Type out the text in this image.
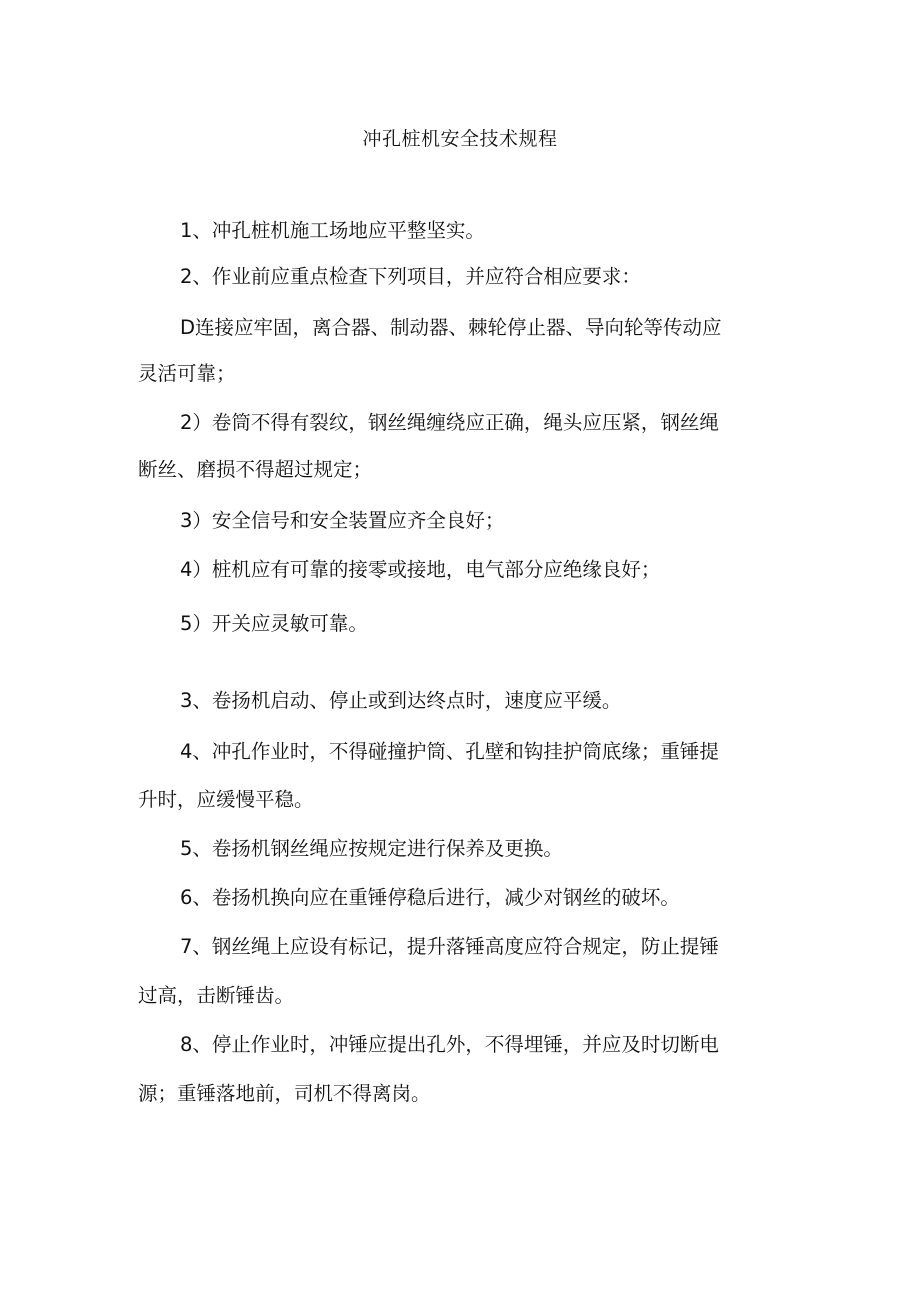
冲孔桩机安全技术规程

1、冲孔桩机施工场地应平整坚实。

2、作业前应重点检查下列项目，并应符合相应要求：

D连接应牢固，离合器、制动器、棘轮停止器、导向轮等传动应

灵活可靠；

2）卷筒不得有裂纹，钢丝绳缠绕应正确，绳头应压紧，钢丝绳

断丝、磨损不得超过规定；

3）安全信号和安全装置应齐全良好；

4）桩机应有可靠的接零或接地，电气部分应绝缘良好；

5）开关应灵敏可靠。

3、卷扬机启动、停止或到达终点时，速度应平缓。

4、冲孔作业时，不得碰撞护筒、孔壁和钩挂护筒底缘；重锤提

升时，应缓慢平稳。

5、卷扬机钢丝绳应按规定进行保养及更换。

6、卷扬机换向应在重锤停稳后进行，减少对钢丝的破坏。

7、钢丝绳上应设有标记，提升落锤高度应符合规定，防止提锤

过高，击断锤齿。

8、停止作业时，冲锤应提出孔外，不得埋锤，并应及时切断电

源；重锤落地前，司机不得离岗。
